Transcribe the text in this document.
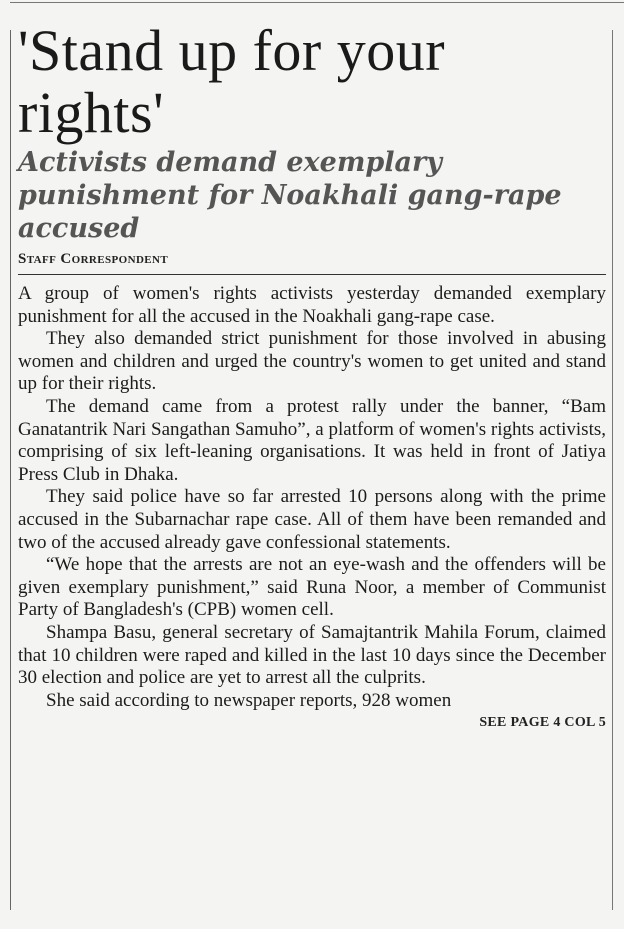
'Stand up for your rights'
Activists demand exemplary punishment for Noakhali gang-rape accused
Staff Correspondent

A group of women's rights activists yesterday demanded exemplary punishment for all the accused in the Noakhali gang-rape case.

They also demanded strict punishment for those involved in abusing women and children and urged the country's women to get united and stand up for their rights.

The demand came from a protest rally under the banner, “Bam Ganatantrik Nari Sangathan Samuho”, a platform of women's rights activists, comprising of six left-leaning organisations. It was held in front of Jatiya Press Club in Dhaka.

They said police have so far arrested 10 persons along with the prime accused in the Subarnachar rape case. All of them have been remanded and two of the accused already gave confessional statements.

“We hope that the arrests are not an eye-wash and the offenders will be given exemplary punishment,” said Runa Noor, a member of Communist Party of Bangladesh's (CPB) women cell.

Shampa Basu, general secretary of Samajtantrik Mahila Forum, claimed that 10 children were raped and killed in the last 10 days since the December 30 election and police are yet to arrest all the culprits.

She said according to newspaper reports, 928 women

SEE PAGE 4 COL 5
